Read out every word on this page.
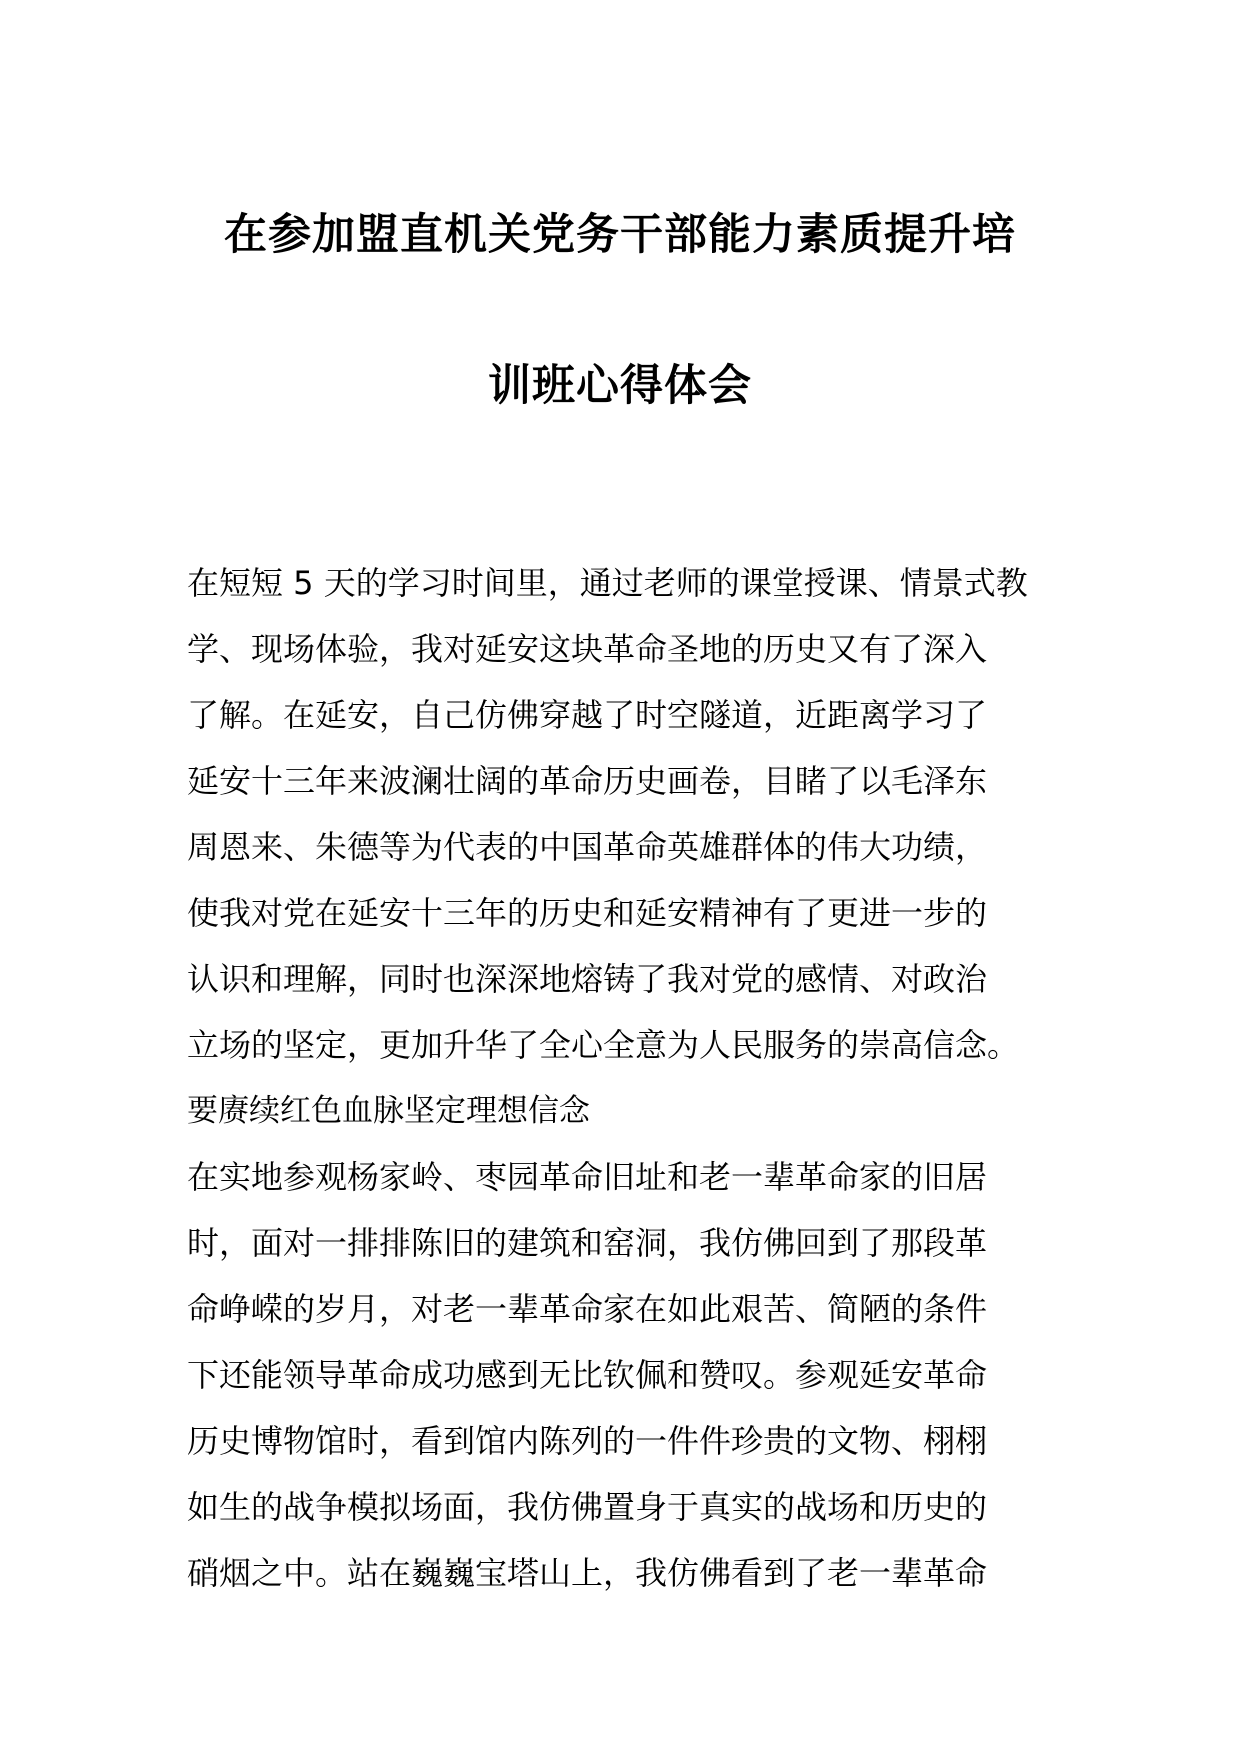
在参加盟直机关党务干部能力素质提升培
训班心得体会
在短短 5 天的学习时间里，通过老师的课堂授课、情景式教
学、现场体验，我对延安这块革命圣地的历史又有了深入
了解。在延安，自己仿佛穿越了时空隧道，近距离学习了
延安十三年来波澜壮阔的革命历史画卷，目睹了以毛泽东
周恩来、朱德等为代表的中国革命英雄群体的伟大功绩，
使我对党在延安十三年的历史和延安精神有了更进一步的
认识和理解，同时也深深地熔铸了我对党的感情、对政治
立场的坚定，更加升华了全心全意为人民服务的崇高信念。
要赓续红色血脉坚定理想信念
在实地参观杨家岭、枣园革命旧址和老一辈革命家的旧居
时，面对一排排陈旧的建筑和窑洞，我仿佛回到了那段革
命峥嵘的岁月，对老一辈革命家在如此艰苦、简陋的条件
下还能领导革命成功感到无比钦佩和赞叹。参观延安革命
历史博物馆时，看到馆内陈列的一件件珍贵的文物、栩栩
如生的战争模拟场面，我仿佛置身于真实的战场和历史的
硝烟之中。站在巍巍宝塔山上，我仿佛看到了老一辈革命
